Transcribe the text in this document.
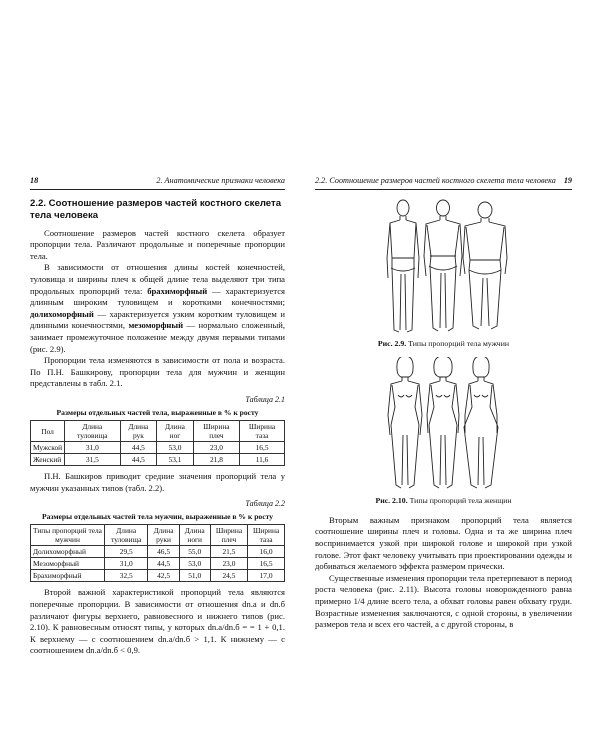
18	2. Анатомические признаки человека
2.2. Соотношение размеров частей костного скелета тела человека

Соотношение размеров частей костного скелета образует пропорции тела. Различают продольные и поперечные пропорции тела.

В зависимости от отношения длины костей конечностей, туловища и ширины плеч к общей длине тела выделяют три типа продольных пропорций тела: брахиморфный — характеризуется длинным широким туловищем и короткими конечностями; долихоморфный — характеризуется узким коротким туловищем и длинными конечностями, мезоморфный — нормально сложенный, занимает промежуточное положение между двумя первыми типами (рис. 2.9).

Пропорции тела изменяются в зависимости от пола и возраста. По П.Н. Башкирову, пропорции тела для мужчин и женщин представлены в табл. 2.1.

Таблица 2.1
Размеры отдельных частей тела, выраженные в % к росту
Пол	Длина туловища	Длина рук	Длина ног	Ширина плеч	Ширина таза
Мужской	31,0	44,5	53,0	23,0	16,5
Женский	31,5	44,5	53,1	21,8	11,6

П.Н. Башкиров приводит средние значения пропорций тела у мужчин указанных типов (табл. 2.2).

Таблица 2.2
Размеры отдельных частей тела мужчин, выраженные в % к росту
Типы пропорций тела мужчин	Длина туловища	Длина руки	Длина ноги	Ширина плеч	Ширина таза
Долихоморфный	29,5	46,5	55,0	21,5	16,0
Мезоморфный	31,0	44,5	53,0	23,0	16,5
Брахиморфный	32,5	42,5	51,0	24,5	17,0

Второй важной характеристикой пропорций тела являются поперечные пропорции. В зависимости от отношения dn.a и dn.б различают фигуры верхнего, равновесного и нижнего типов (рис. 2.10). К равновесным относят типы, у которых dn.a/dn.б = = 1 + 0,1. К верхнему — с соотношением dn.a/dn.б > 1,1. К нижнему — с соотношением dn.a/dn.б < 0,9.

2.2. Соотношение размеров частей костного скелета тела человека 19
Рис. 2.9. Типы пропорций тела мужчин
Рис. 2.10. Типы пропорций тела женщин

Вторым важным признаком пропорций тела является соотношение ширины плеч и головы. Одна и та же ширина плеч воспринимается узкой при широкой голове и широкой при узкой голове. Этот факт человеку учитывать при проектировании одежды и добиваться желаемого эффекта размером прически.

Существенные изменения пропорции тела претерпевают в период роста человека (рис. 2.11). Высота головы новорожденного равна примерно 1/4 длине всего тела, а обхват головы равен обхвату груди. Возрастные изменения заключаются, с одной стороны, в увеличении размеров тела и всех его частей, а с другой стороны, в
